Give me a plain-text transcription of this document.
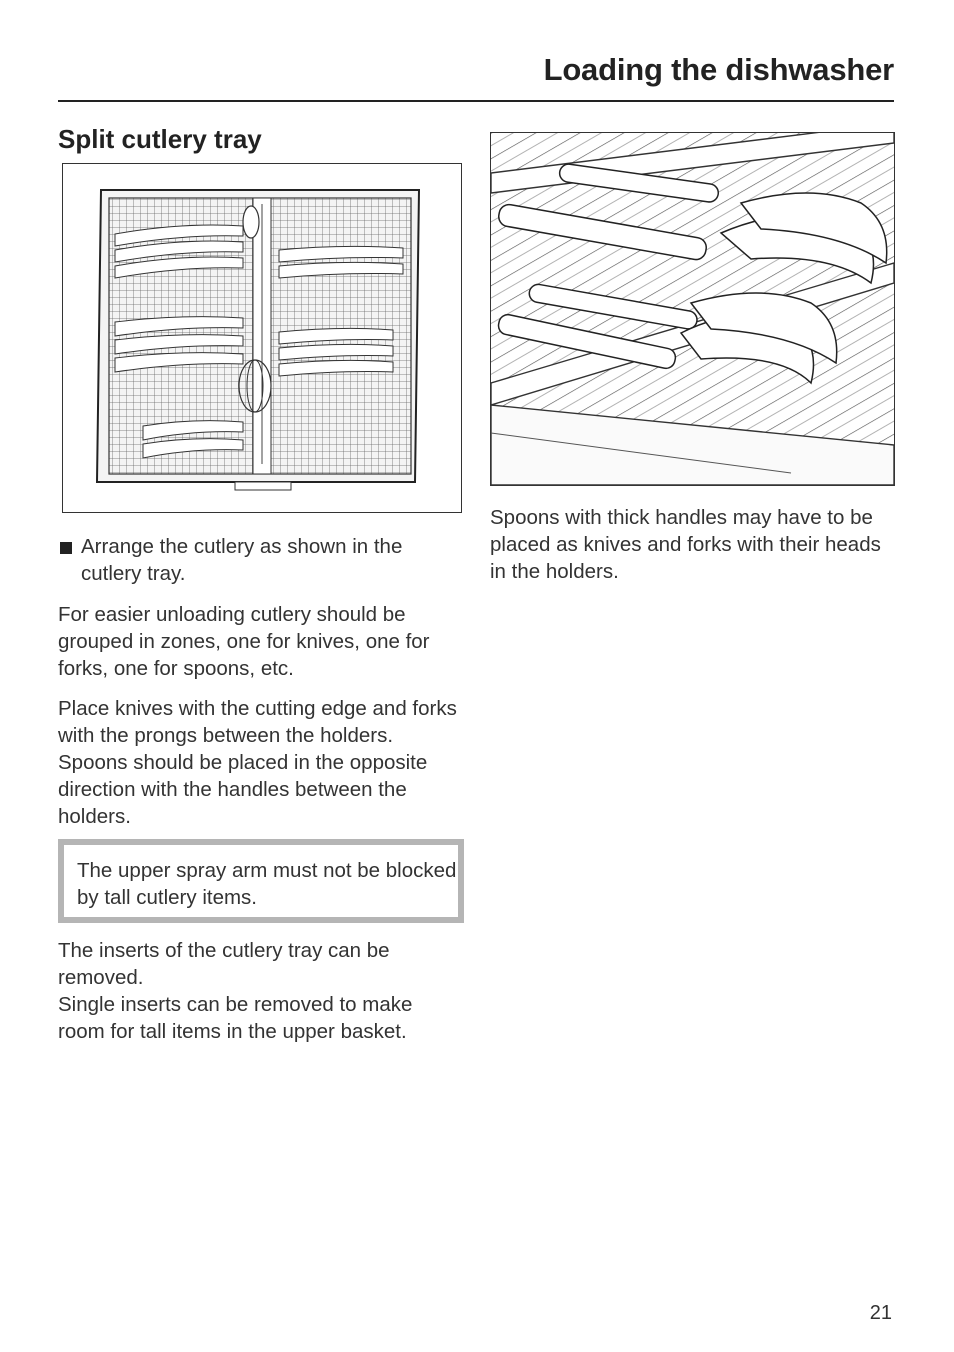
Loading the dishwasher
Split cutlery tray

Arrange the cutlery as shown in the cutlery tray.

For easier unloading cutlery should be grouped in zones, one for knives, one for forks, one for spoons, etc.

Place knives with the cutting edge and forks with the prongs between the holders. Spoons should be placed in the opposite direction with the handles between the holders.

The upper spray arm must not be blocked by tall cutlery items.

The inserts of the cutlery tray can be removed.

Single inserts can be removed to make room for tall items in the upper basket.

Spoons with thick handles may have to be placed as knives and forks with their heads in the holders.

21
